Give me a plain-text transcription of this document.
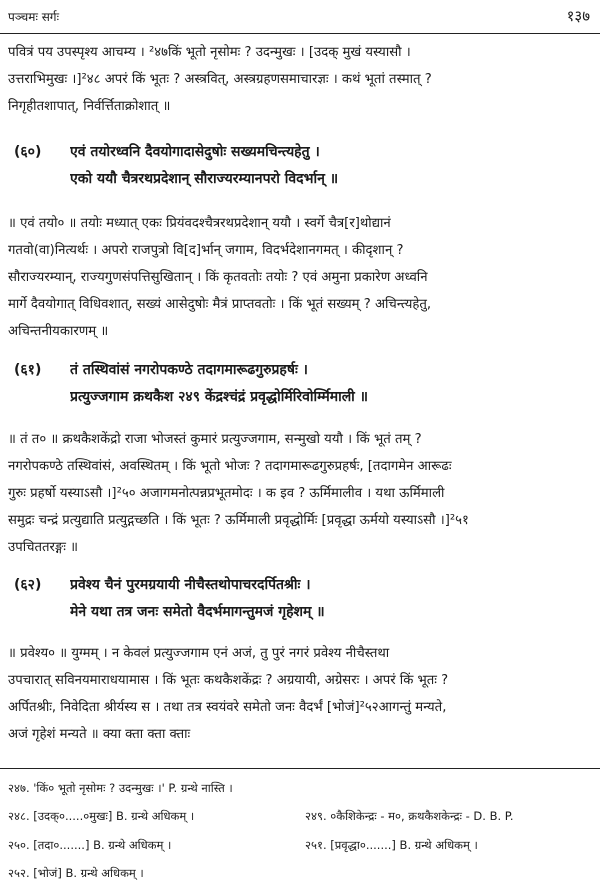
पञ्चमः सर्गः	१३७
पवित्रं पय उपस्पृश्य आचम्य । ²४७किं भूतो नृसोमः ? उदन्मुखः । [उदक् मुखं यस्यासौ ।
उत्तराभिमुखः ।]²४८ अपरं किं भूतः ? अस्त्रवित्, अस्त्रग्रहणसमाचारज्ञः । कथं भूतां तस्मात् ?
निगृहीतशापात्, निर्वर्त्तिताक्रोशात् ॥
(६०) एवं तयोरध्वनि दैवयोगादासेदुषोः सख्यमचिन्त्यहेतु ।
एको ययौ चैत्ररथप्रदेशान् सौराज्यरम्यानपरो विदर्भान् ॥
॥ एवं तयो० ॥ तयोः मध्यात् एकः प्रियंवदश्चैत्ररथप्रदेशान् ययौ । स्वर्गे चैत्र[र]थोद्यानं
गतवो(वा)नित्यर्थः । अपरो राजपुत्रो वि[द]र्भान् जगाम, विदर्भदेशानगमत् । कीदृशान् ?
सौराज्यरम्यान्, राज्यगुणसंपत्तिसुखितान् । किं कृतवतोः तयोः ? एवं अमुना प्रकारेण अध्वनि
मार्गे दैवयोगात् विधिवशात्, सख्यं आसेदुषोः मैत्रं प्राप्तवतोः । किं भूतं सख्यम् ? अचिन्त्यहेतु,
अचिन्तनीयकारणम् ॥
(६१) तं तस्थिवांसं नगरोपकण्ठे तदागमारूढगुरुप्रहर्षः ।
प्रत्युज्जगाम क्रथकैश २४९ केंद्रश्चंद्रं प्रवृद्धोर्मिरिवोर्म्मिमाली ॥
॥ तं त० ॥ क्रथकैशकेंद्रो राजा भोजस्तं कुमारं प्रत्युज्जगाम, सन्मुखो ययौ । किं भूतं तम् ?
नगरोपकण्ठे तस्थिवांसं, अवस्थितम् । किं भूतो भोजः ? तदागमारूढगुरुप्रहर्षः, [तदागमेन आरूढः
गुरुः प्रहर्षो यस्याऽसौ ।]²५० अजागमनोत्पन्नप्रभूतमोदः । क इव ? ऊर्मिमालीव । यथा ऊर्मिमाली
समुद्रः चन्द्रं प्रत्युद्याति प्रत्युद्गच्छति । किं भूतः ? ऊर्मिमाली प्रवृद्धोर्मिः [प्रवृद्धा ऊर्मयो यस्याऽसौ ।]²५१
उपचिततरङ्गः ॥
(६२) प्रवेश्य चैनं पुरमग्रयायी नीचैस्तथोपाचरदर्पितश्रीः ।
मेने यथा तत्र जनः समेतो वैदर्भमागन्तुमजं गृहेशम् ॥
॥ प्रवेश्य० ॥ युग्मम् । न केवलं प्रत्युज्जगाम एनं अजं, तु पुरं नगरं प्रवेश्य नीचैस्तथा
उपचारात् सविनयमाराधयामास । किं भूतः कथकैशकेंद्रः ? अग्रयायी, अग्रेसरः । अपरं किं भूतः ?
अर्पितश्रीः, निवेदिता श्रीर्यस्य स । तथा तत्र स्वयंवरे समेतो जनः वैदर्भं [भोजं]²५२आगन्तुं मन्यते,
अजं गृहेशं मन्यते ॥ क्या क्ता क्ता क्ताः
२४७. 'किं० भूतो नृसोमः ? उदन्मुखः ।' P. ग्रन्थे नास्ति ।
२४८. [उदक्०.....०मुखः] B. ग्रन्थे अधिकम् ।	२४९. ०कैशिकेन्द्रः - म०, क्रथकैशकेन्द्रः - D. B. P.
२५०. [तदा०.......] B. ग्रन्थे अधिकम् ।	२५१. [प्रवृद्धा०.......] B. ग्रन्थे अधिकम् ।
२५२. [भोजं] B. ग्रन्थे अधिकम् ।
